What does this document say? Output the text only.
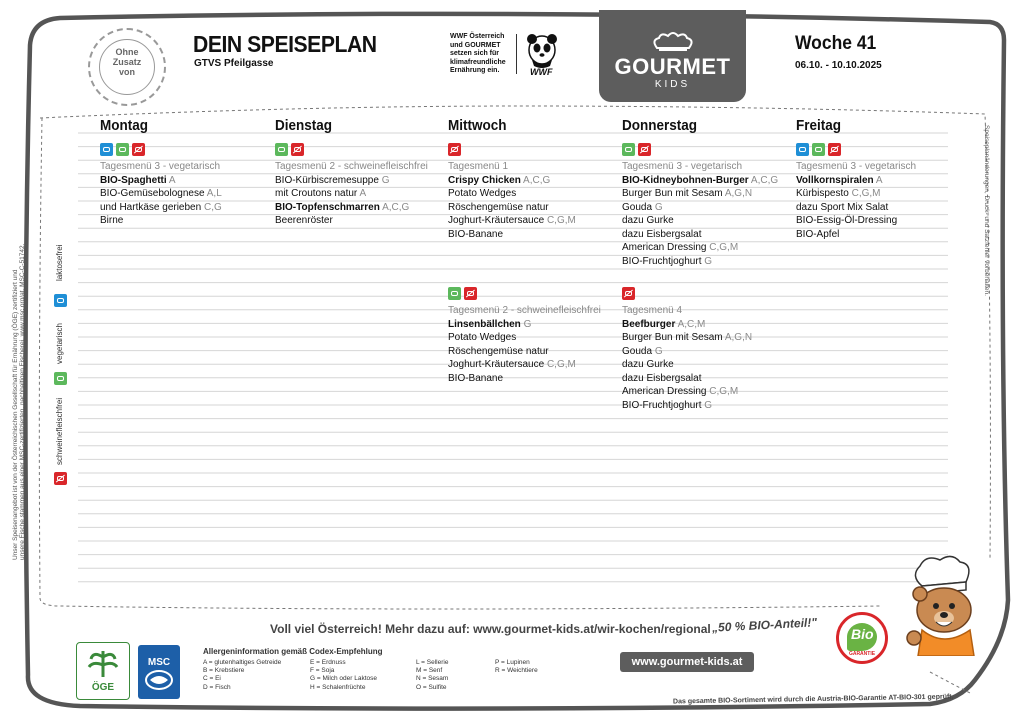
Ohne
Zusatz
von
DEIN SPEISEPLAN
GTVS Pfeilgasse
WWF Österreich
und GOURMET
setzen sich für
klimafreundliche
Ernährung ein.	WWF	GOURMET
KIDS
Woche 41
06.10. - 10.10.2025
Montag
Tagesmenü 3 - vegetarisch
BIO-Spaghetti A
BIO-Gemüsebolognese A,L
und Hartkäse gerieben C,G
Birne
Dienstag
Tagesmenü 2 - schweinefleischfrei
BIO-Kürbiscremesuppe G
mit Croutons natur A
BIO-Topfenschmarren A,C,G
Beerenröster
Mittwoch
Tagesmenü 1
Crispy Chicken A,C,G
Potato Wedges
Röschengemüse natur
Joghurt-Kräutersauce C,G,M
BIO-Banane
Tagesmenü 2 - schweinefleischfrei
Linsenbällchen G
Potato Wedges
Röschengemüse natur
Joghurt-Kräutersauce C,G,M
BIO-Banane
Donnerstag
Tagesmenü 3 - vegetarisch
BIO-Kidneybohnen-Burger A,C,G
Burger Bun mit Sesam A,G,N
Gouda G
dazu Gurke
dazu Eisbergsalat
American Dressing C,G,M
BIO-Fruchtjoghurt G
Tagesmenü 4
Beefburger A,C,M
Burger Bun mit Sesam A,G,N
Gouda G
dazu Gurke
dazu Eisbergsalat
American Dressing C,G,M
BIO-Fruchtjoghurt G
Freitag
Tagesmenü 3 - vegetarisch
Vollkornspiralen A
Kürbispesto C,G,M
dazu Sport Mix Salat
BIO-Essig-Öl-Dressing
BIO-Apfel
laktosefrei
vegetarisch
schweinefleischfrei
Unser Speisenangebot ist von der Österreichischen Gesellschaft für Ernährung (ÖGE) zertifiziert und unsere Fische stammen aus einer MSC-zertifizierten, nachhaltigen Fischerei. www.msc.org/at, MSC-C-51742.
Speiseplanänderungen, Druck- und Satzfehler vorbehalten.
Voll viel Österreich! Mehr dazu auf: www.gourmet-kids.at/wir-kochen/regional „50 % BIO-Anteil!"
www.gourmet-kids.at
ÖGE
MSC
Allergeninformation gemäß Codex-Empfehlung
A = glutenhaltiges Getreide
B = Krebstiere
C = Ei
D = Fisch
E = Erdnuss
F = Soja
G = Milch oder Laktose
H = Schalenfrüchte
L = Sellerie
M = Senf
N = Sesam
O = Sulfite
P = Lupinen
R = Weichtiere
Bio
GARANTIE
Das gesamte BIO-Sortiment wird durch die Austria-BIO-Garantie AT-BIO-301 geprüft.
